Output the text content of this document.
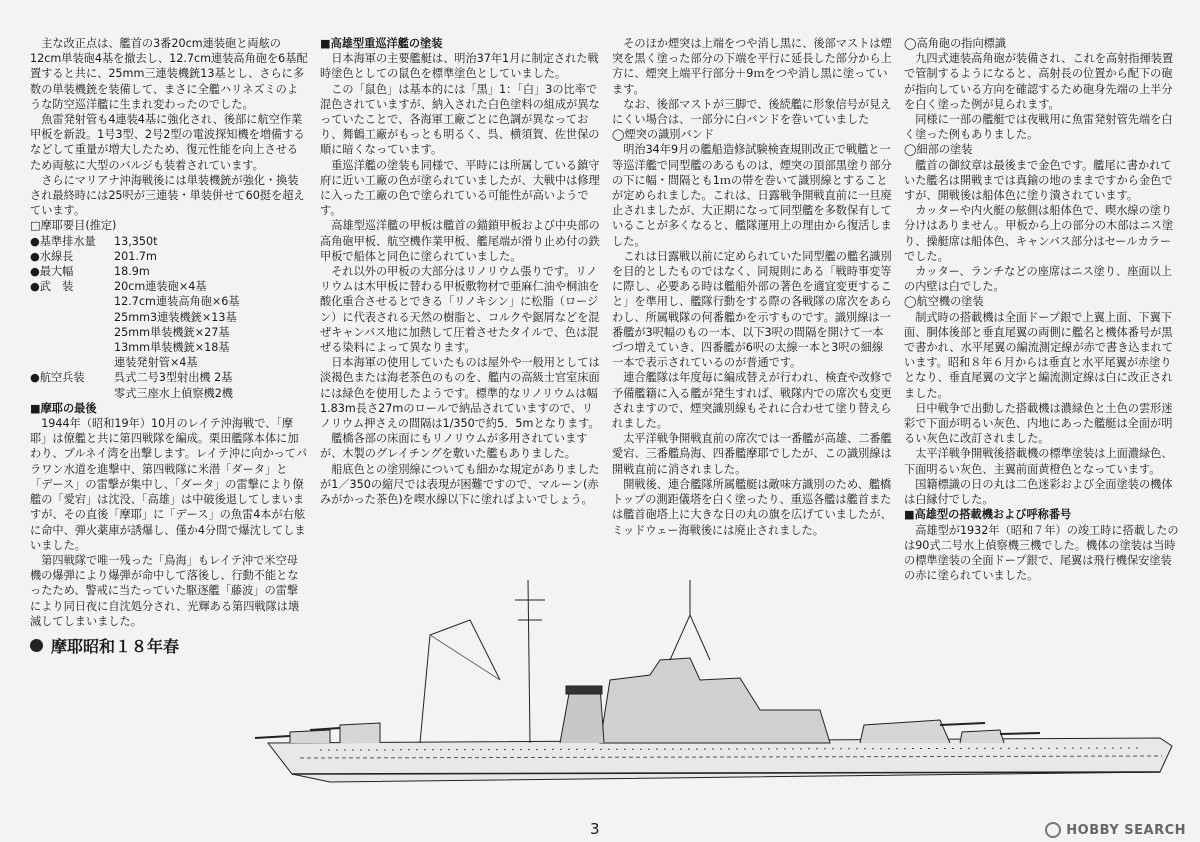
主な改正点は、艦首の3番20cm連装砲と両舷の12cm単装砲4基を撤去し、12.7cm連装高角砲を6基配置すると共に、25mm三連装機銃13基とし、さらに多数の単装機銃を装備して、まさに全艦ハリネズミのような防空巡洋艦に生まれ変わったのでした。

魚雷発射管も4連装4基に強化され、後部に航空作業甲板を新設。1号3型、2号2型の電波探知機を増備するなどして重量が増大したため、復元性能を向上させるため両舷に大型のバルジも装着されています。

さらにマリアナ沖海戦後には単装機銃が強化・換装され最終時には25呎が三連装・単装併せて60挺を超えています。

□摩耶要目(推定)

●基準排水量	13,350t
●水線長	201.7m
●最大幅	18.9m
●武　装	20cm連装砲×4基
12.7cm連装高角砲×6基
25mm3連装機銃×13基
25mm単装機銃×27基
13mm単装機銃×18基
連装発射管×4基
●航空兵装	呉式二号3型射出機 2基
零式三座水上偵察機2機

■摩耶の最後

1944年（昭和19年）10月のレイテ沖海戦で、「摩耶」は僚艦と共に第四戦隊を編成。栗田艦隊本体に加わり、ブルネイ湾を出撃します。レイテ沖に向かってパラワン水道を進撃中、第四戦隊に米潜「ダータ」と「デース」の雷撃が集中し、「ダータ」の雷撃により僚艦の「愛宕」は沈没、「高雄」は中破後退してしまいますが、その直後「摩耶」に「デース」の魚雷4本が右舷に命中、弾火薬庫が誘爆し、僅か4分間で爆沈してしまいました。

第四戦隊で唯一残った「鳥海」もレイテ沖で米空母機の爆弾により爆弾が命中して落後し、行動不能となったため、警戒に当たっていた駆逐艦「藤波」の雷撃により同日夜に自沈処分され、光輝ある第四戦隊は壊滅してしまいました。

■高雄型重巡洋艦の塗装

日本海軍の主要艦艇は、明治37年1月に制定された戦時塗色としての鼠色を標準塗色としていました。

この「鼠色」は基本的には「黒」1：「白」3の比率で混色されていますが、納入された白色塗料の組成が異なっていたことで、各海軍工廠ごとに色調が異なっており、舞鶴工廠がもっとも明るく、呉、横須賀、佐世保の順に暗くなっています。

重巡洋艦の塗装も同様で、平時には所属している鎮守府に近い工廠の色が塗られていましたが、大戦中は修理に入った工廠の色で塗られている可能性が高いようです。

高雄型巡洋艦の甲板は艦首の錨鎖甲板および中央部の高角砲甲板、航空機作業甲板、艦尾端が滑り止め付の鉄甲板で船体と同色に塗られていました。

それ以外の甲板の大部分はリノリウム張りです。リノリウムは木甲板に替わる甲板敷物材で亜麻仁油や桐油を酸化重合させるとできる「リノキシン」に松脂（ロージン）に代表される天然の樹脂と、コルクや鋸屑などを混ぜキャンバス地に加熱して圧着させたタイルで、色は混ぜる染料によって異なります。

日本海軍の使用していたものは屋外や一般用としては淡褐色または海老茶色のものを、艦内の高級士官室床面には緑色を使用したようです。標準的なリノリウムは幅1.83m長さ27mのロールで納品されていますので、リノリウム押さえの間隔は1/350で約5．5mとなります。

艦橋各部の床面にもリノリウムが多用されていますが、木製のグレイチングを敷いた艦もありました。

船底色との塗別線についても細かな規定がありましたが1／350の縮尺では表現が困難ですので、マルーン(赤みがかった茶色)を喫水線以下に塗ればよいでしょう。

そのほか煙突は上端をつや消し黒に、後部マストは煙突を黒く塗った部分の下端を平行に延長した部分から上方に、煙突上端平行部分＋9ｍをつや消し黒に塗っています。

なお、後部マストが三脚で、後続艦に形象信号が見えにくい場合は、一部分に白バンドを巻いていました

◯煙突の識別バンド

明治34年9月の艦船造修試験検査規則改正で戦艦と一等巡洋艦で同型艦のあるものは、煙突の頂部黒塗り部分の下に幅・間隔とも1ｍの帯を巻いて識別線とすることが定められました。これは、日露戦争開戦直前に一旦廃止されましたが、大正期になって同型艦を多数保有していることが多くなると、艦隊運用上の理由から復活しました。

これは日露戦以前に定められていた同型艦の艦名識別を目的としたものではなく、同規則にある「戦時事変等に際し、必要ある時は艦船外部の著色を適宜変更すること」を準用し、艦隊行動をする際の各戦隊の席次をあらわし、所属戦隊の何番艦かを示すものです。識別線は一番艦が3呎幅のもの一本、以下3呎の間隔を開けて一本づつ増えていき、四番艦が6呎の太線一本と3呎の細線一本で表示されているのが普通です。

連合艦隊は年度毎に編成替えが行われ、検査や改修で予備艦籍に入る艦が発生すれば、戦隊内での席次も変更されますので、煙突識別線もそれに合わせて塗り替えられました。

太平洋戦争開戦直前の席次では一番艦が高雄、二番艦愛宕、三番艦鳥海、四番艦摩耶でしたが、この識別線は開戦直前に消されました。

開戦後、連合艦隊所属艦艇は敵味方識別のため、艦橋トップの測距儀塔を白く塗ったり、重巡各艦は艦首または艦首砲塔上に大きな日の丸の旗を広げていましたが、ミッドウェー海戦後には廃止されました。

◯高角砲の指向標識

九四式連装高角砲が装備され、これを高射指揮装置で管制するようになると、高射長の位置から配下の砲が指向している方向を確認するため砲身先端の上半分を白く塗った例が見られます。

同様に一部の艦艇では夜戦用に魚雷発射管先端を白く塗った例もありました。

◯細部の塗装

艦首の御紋章は最後まで金色です。艦尾に書かれていた艦名は開戦までは真鍮の地のままですから金色ですが、開戦後は船体色に塗り潰されています。

カッターや内火艇の舷側は船体色で、喫水線の塗り分けはありません。甲板から上の部分の木部はニス塗り、操艇席は船体色、キャンバス部分はセールカラーでした。

カッター、ランチなどの座席はニス塗り、座面以上の内壁は白でした。

◯航空機の塗装

制式時の搭載機は全面ドープ銀で上翼上面、下翼下面、胴体後部と垂直尾翼の両側に艦名と機体番号が黒で書かれ、水平尾翼の編流測定線が赤で書き込まれています。昭和８年６月からは垂直と水平尾翼が赤塗りとなり、垂直尾翼の文字と編流測定線は白に改正されました。

日中戦争で出動した搭載機は濃緑色と土色の雲形迷彩で下面が明るい灰色、内地にあった艦艇は全面が明るい灰色に改訂されました。

太平洋戦争開戦後搭載機の標準塗装は上面濃緑色、下面明るい灰色、主翼前面黄橙色となっています。

国籍標識の日の丸は二色迷彩および全面塗装の機体は白縁付でした。

■高雄型の搭載機および呼称番号

高雄型が1932年（昭和７年）の竣工時に搭載したのは90式二号水上偵察機三機でした。機体の塗装は当時の標準塗装の全面ドープ銀で、尾翼は飛行機保安塗装の赤に塗られていました。

摩耶昭和１８年春
3	HOBBY SEARCH
